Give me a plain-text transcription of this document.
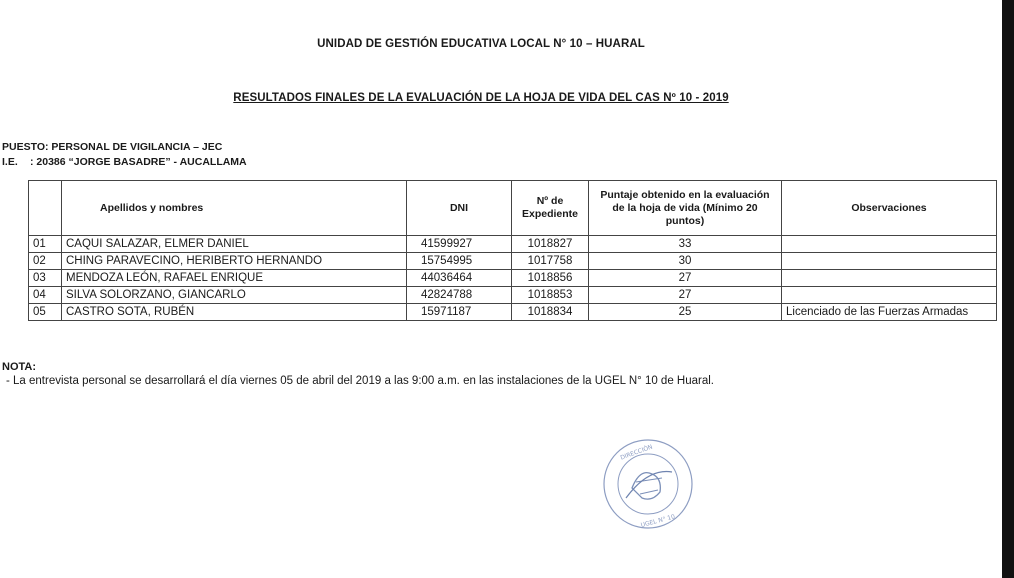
UNIDAD DE GESTIÓN EDUCATIVA LOCAL N° 10 – HUARAL
RESULTADOS FINALES DE LA EVALUACIÓN DE LA HOJA DE VIDA DEL CAS Nº 10 - 2019
PUESTO: PERSONAL DE VIGILANCIA – JEC
I.E. : 20386 “JORGE BASADRE” - AUCALLAMA
	Apellidos y nombres	DNI	Nº de Expediente	Puntaje obtenido en la evaluación de la hoja de vida (Mínimo 20 puntos)	Observaciones
01	CAQUI SALAZAR, ELMER DANIEL	41599927	1018827	33	
02	CHING PARAVECINO, HERIBERTO HERNANDO	15754995	1017758	30	
03	MENDOZA LEÓN, RAFAEL ENRIQUE	44036464	1018856	27	
04	SILVA SOLORZANO, GIANCARLO	42824788	1018853	27	
05	CASTRO SOTA, RUBÉN	15971187	1018834	25	Licenciado de las Fuerzas Armadas
NOTA:
- La entrevista personal se desarrollará el día viernes 05 de abril del 2019 a las 9:00 a.m. en las instalaciones de la UGEL N° 10 de Huaral.
DIRECCIÓN
UGEL N° 10
